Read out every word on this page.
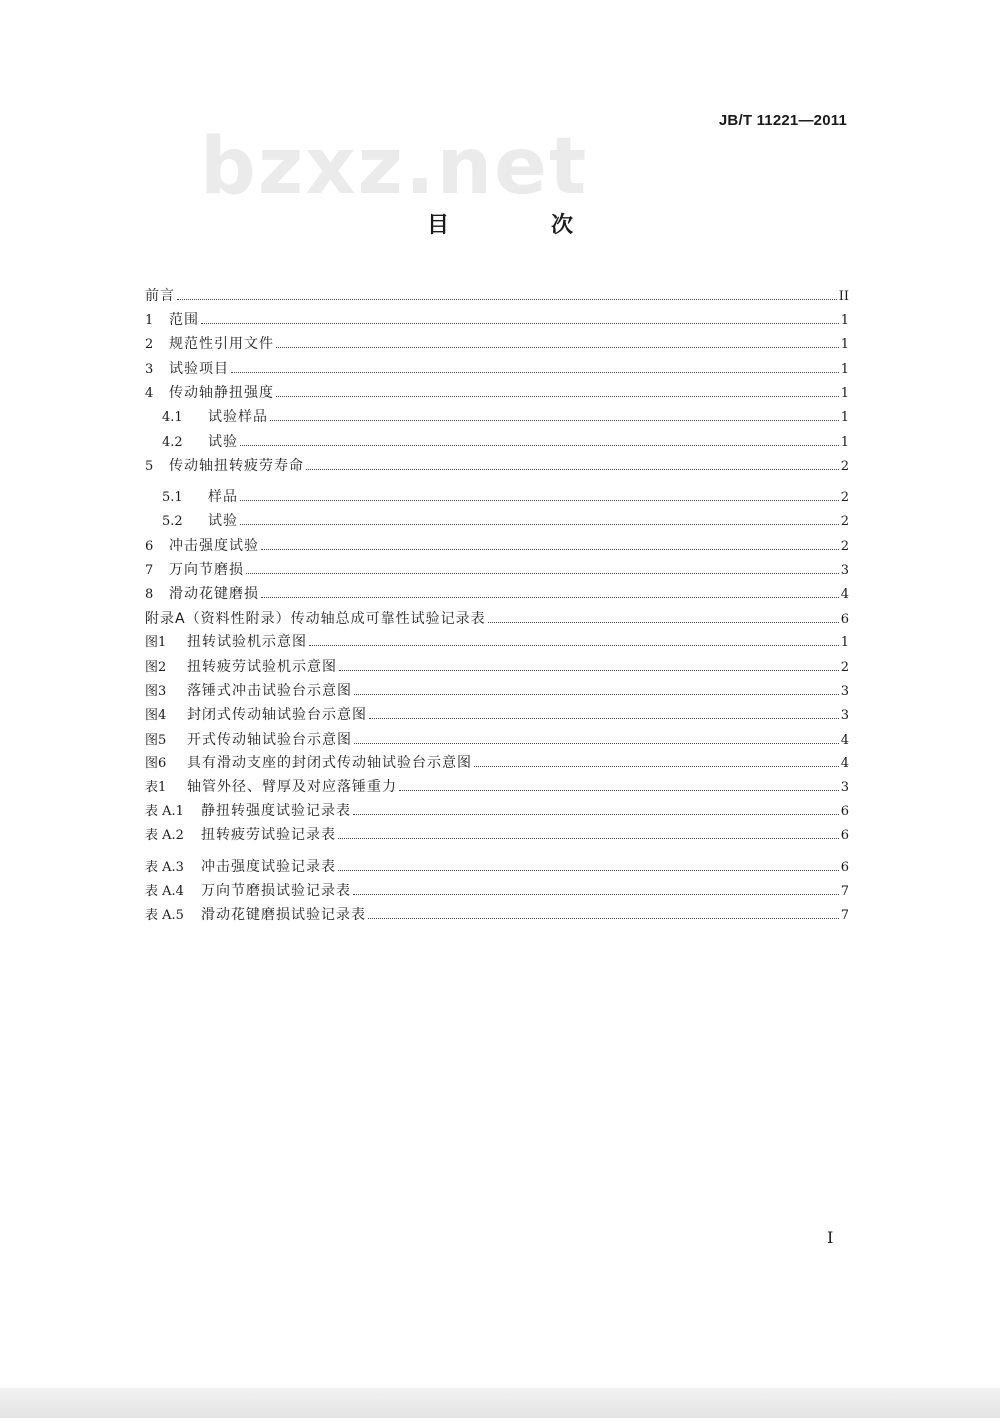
bzxz.net
JB/T 11221—2011
目　次
前言	II
1 范围	1
2 规范性引用文件	1
3 试验项目	1
4 传动轴静扭强度	1
4.1 试验样品	1
4.2 试验	1
5 传动轴扭转疲劳寿命	2
5.1 样品	2
5.2 试验	2
6 冲击强度试验	2
7 万向节磨损	3
8 滑动花键磨损	4
附录A（资料性附录）传动轴总成可靠性试验记录表	6
图1 扭转试验机示意图	1
图2 扭转疲劳试验机示意图	2
图3 落锤式冲击试验台示意图	3
图4 封闭式传动轴试验台示意图	3
图5 开式传动轴试验台示意图	4
图6 具有滑动支座的封闭式传动轴试验台示意图	4
表1 轴管外径、臂厚及对应落锤重力	3
表 A.1 静扭转强度试验记录表	6
表 A.2 扭转疲劳试验记录表	6
表 A.3 冲击强度试验记录表	6
表 A.4 万向节磨损试验记录表	7
表 A.5 滑动花键磨损试验记录表	7
I
